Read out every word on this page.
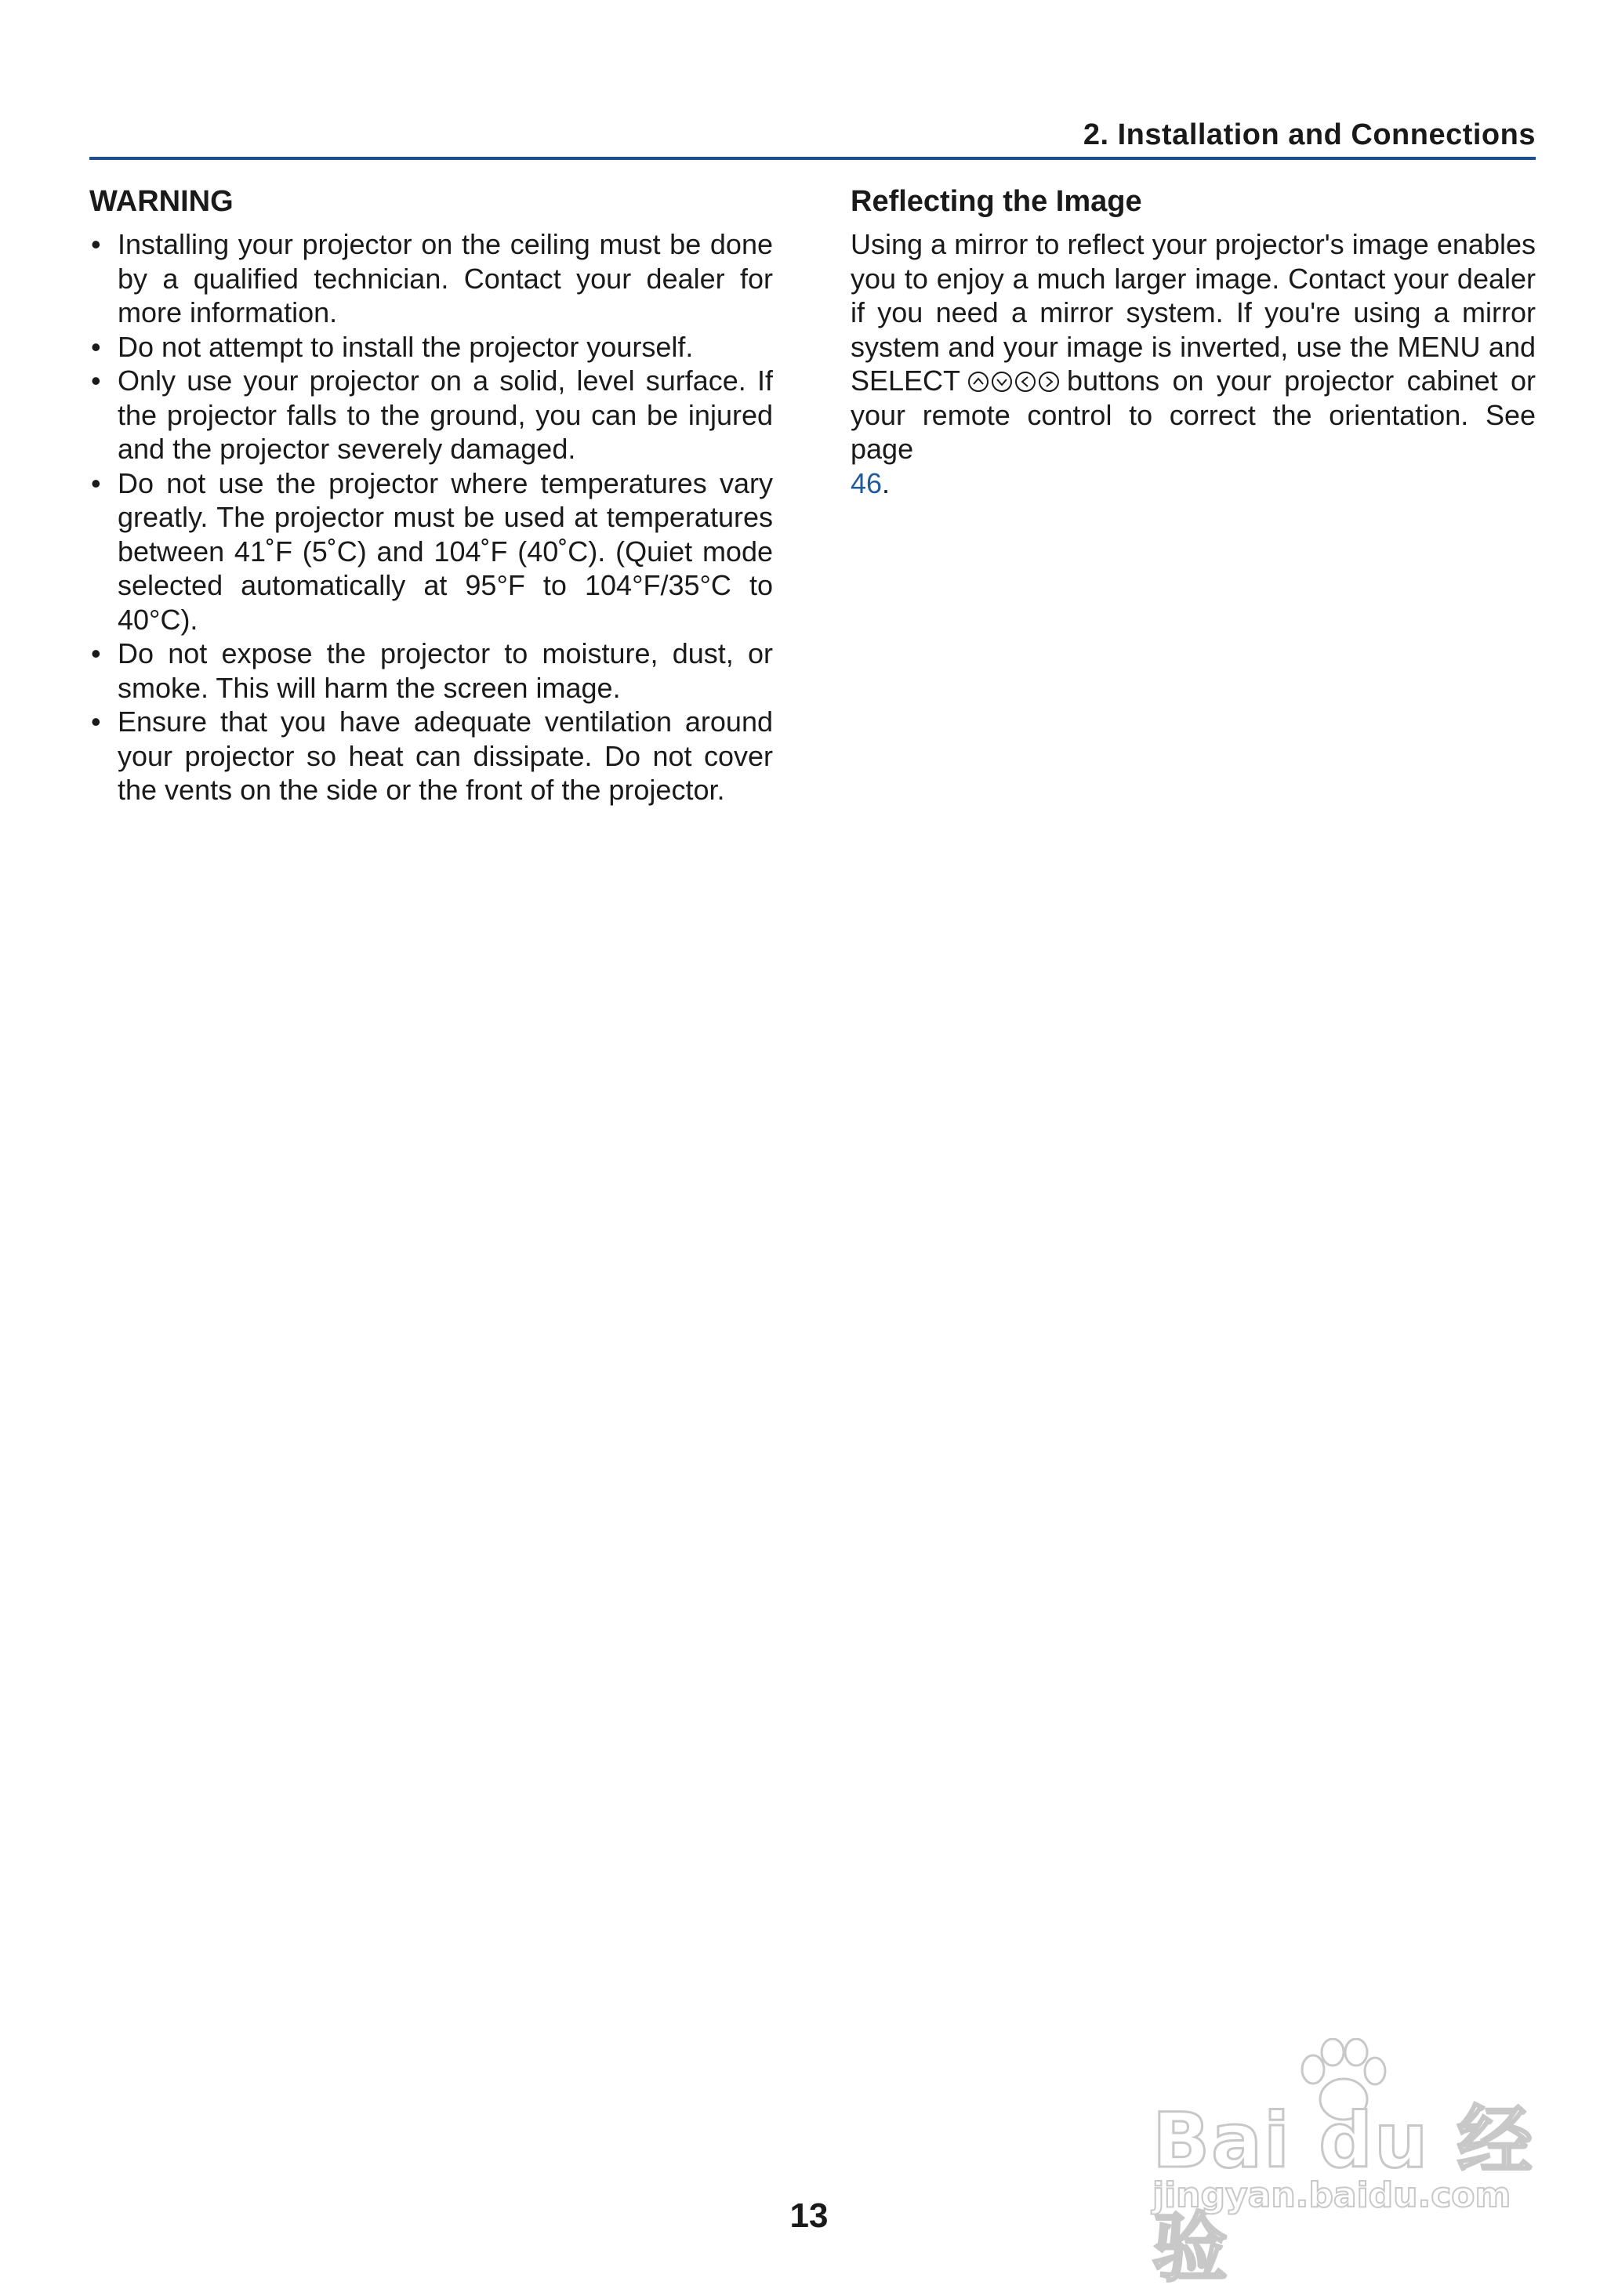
2. Installation and Connections
WARNING
• Installing your projector on the ceiling must be done by a qualified technician. Contact your dealer for more information.
• Do not attempt to install the projector yourself.
• Only use your projector on a solid, level surface. If the projector falls to the ground, you can be injured and the projector severely damaged.
• Do not use the projector where temperatures vary greatly. The projector must be used at temperatures between 41˚F (5˚C) and 104˚F (40˚C). (Quiet mode selected automatically at 95°F to 104°F/35°C to 40°C).
• Do not expose the projector to moisture, dust, or smoke. This will harm the screen image.
• Ensure that you have adequate ventilation around your projector so heat can dissipate. Do not cover the vents on the side or the front of the projector.
Reflecting the Image

Using a mirror to reflect your projector's image enables you to enjoy a much larger image. Contact your dealer if you need a mirror system. If you're using a mirror system and your image is inverted, use the MENU and SELECT	buttons on your projector cabinet or your remote control to correct the orientation. See page
46.

13
Bai du 经验
jingyan.baidu.com
